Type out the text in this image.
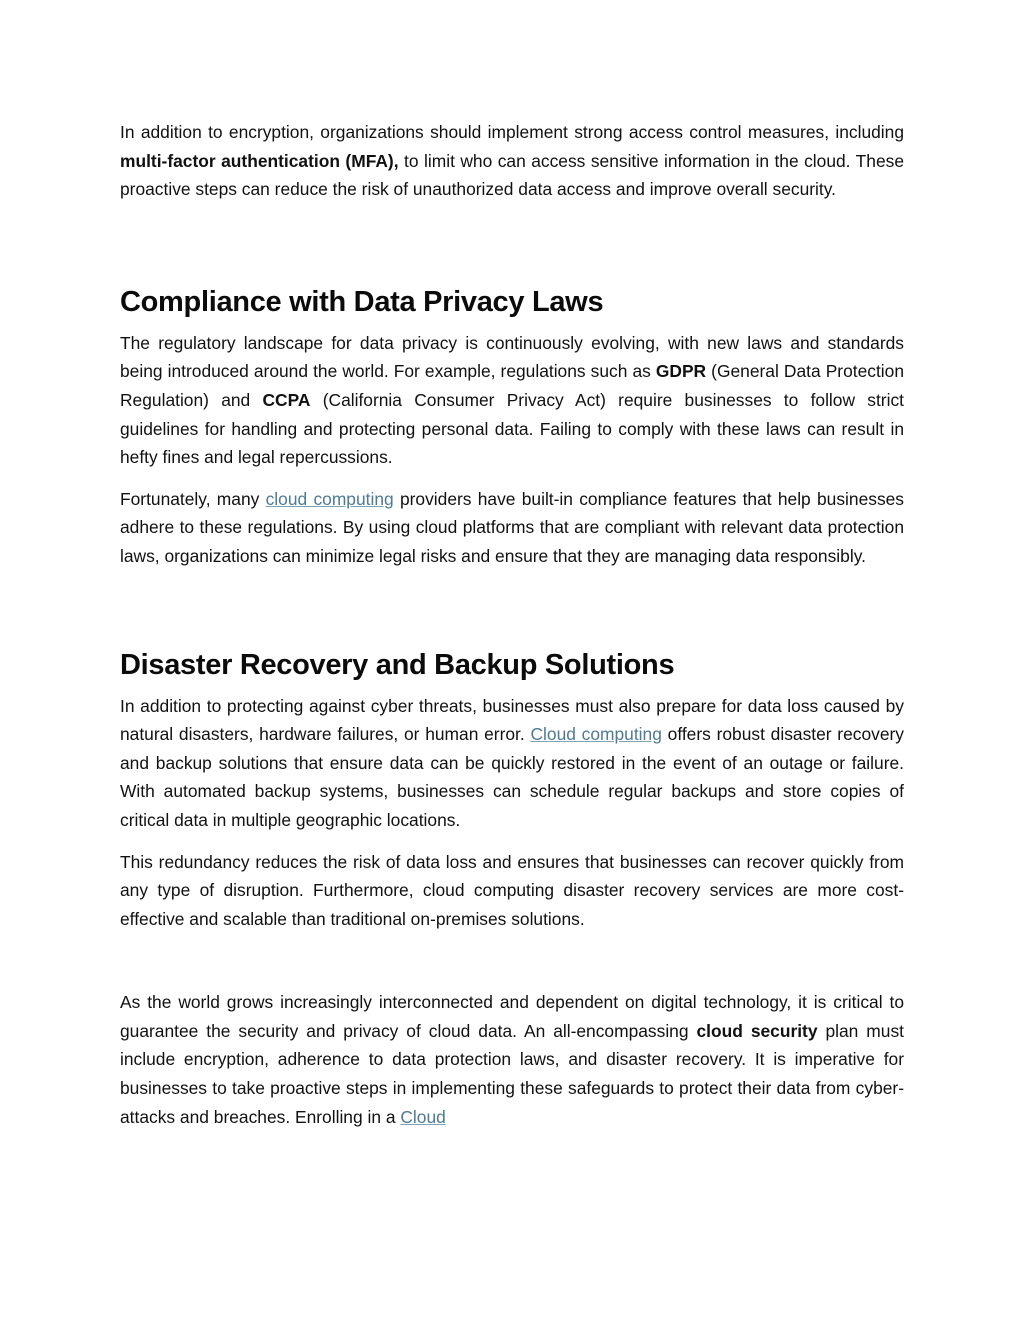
In addition to encryption, organizations should implement strong access control measures, including multi-factor authentication (MFA), to limit who can access sensitive information in the cloud. These proactive steps can reduce the risk of unauthorized data access and improve overall security.

Compliance with Data Privacy Laws

The regulatory landscape for data privacy is continuously evolving, with new laws and standards being introduced around the world. For example, regulations such as GDPR (General Data Protection Regulation) and CCPA (California Consumer Privacy Act) require businesses to follow strict guidelines for handling and protecting personal data. Failing to comply with these laws can result in hefty fines and legal repercussions.

Fortunately, many cloud computing providers have built-in compliance features that help businesses adhere to these regulations. By using cloud platforms that are compliant with relevant data protection laws, organizations can minimize legal risks and ensure that they are managing data responsibly.

Disaster Recovery and Backup Solutions

In addition to protecting against cyber threats, businesses must also prepare for data loss caused by natural disasters, hardware failures, or human error. Cloud computing offers robust disaster recovery and backup solutions that ensure data can be quickly restored in the event of an outage or failure. With automated backup systems, businesses can schedule regular backups and store copies of critical data in multiple geographic locations.

This redundancy reduces the risk of data loss and ensures that businesses can recover quickly from any type of disruption. Furthermore, cloud computing disaster recovery services are more cost-effective and scalable than traditional on-premises solutions.

As the world grows increasingly interconnected and dependent on digital technology, it is critical to guarantee the security and privacy of cloud data. An all-encompassing cloud security plan must include encryption, adherence to data protection laws, and disaster recovery. It is imperative for businesses to take proactive steps in implementing these safeguards to protect their data from cyber-attacks and breaches. Enrolling in a Cloud
